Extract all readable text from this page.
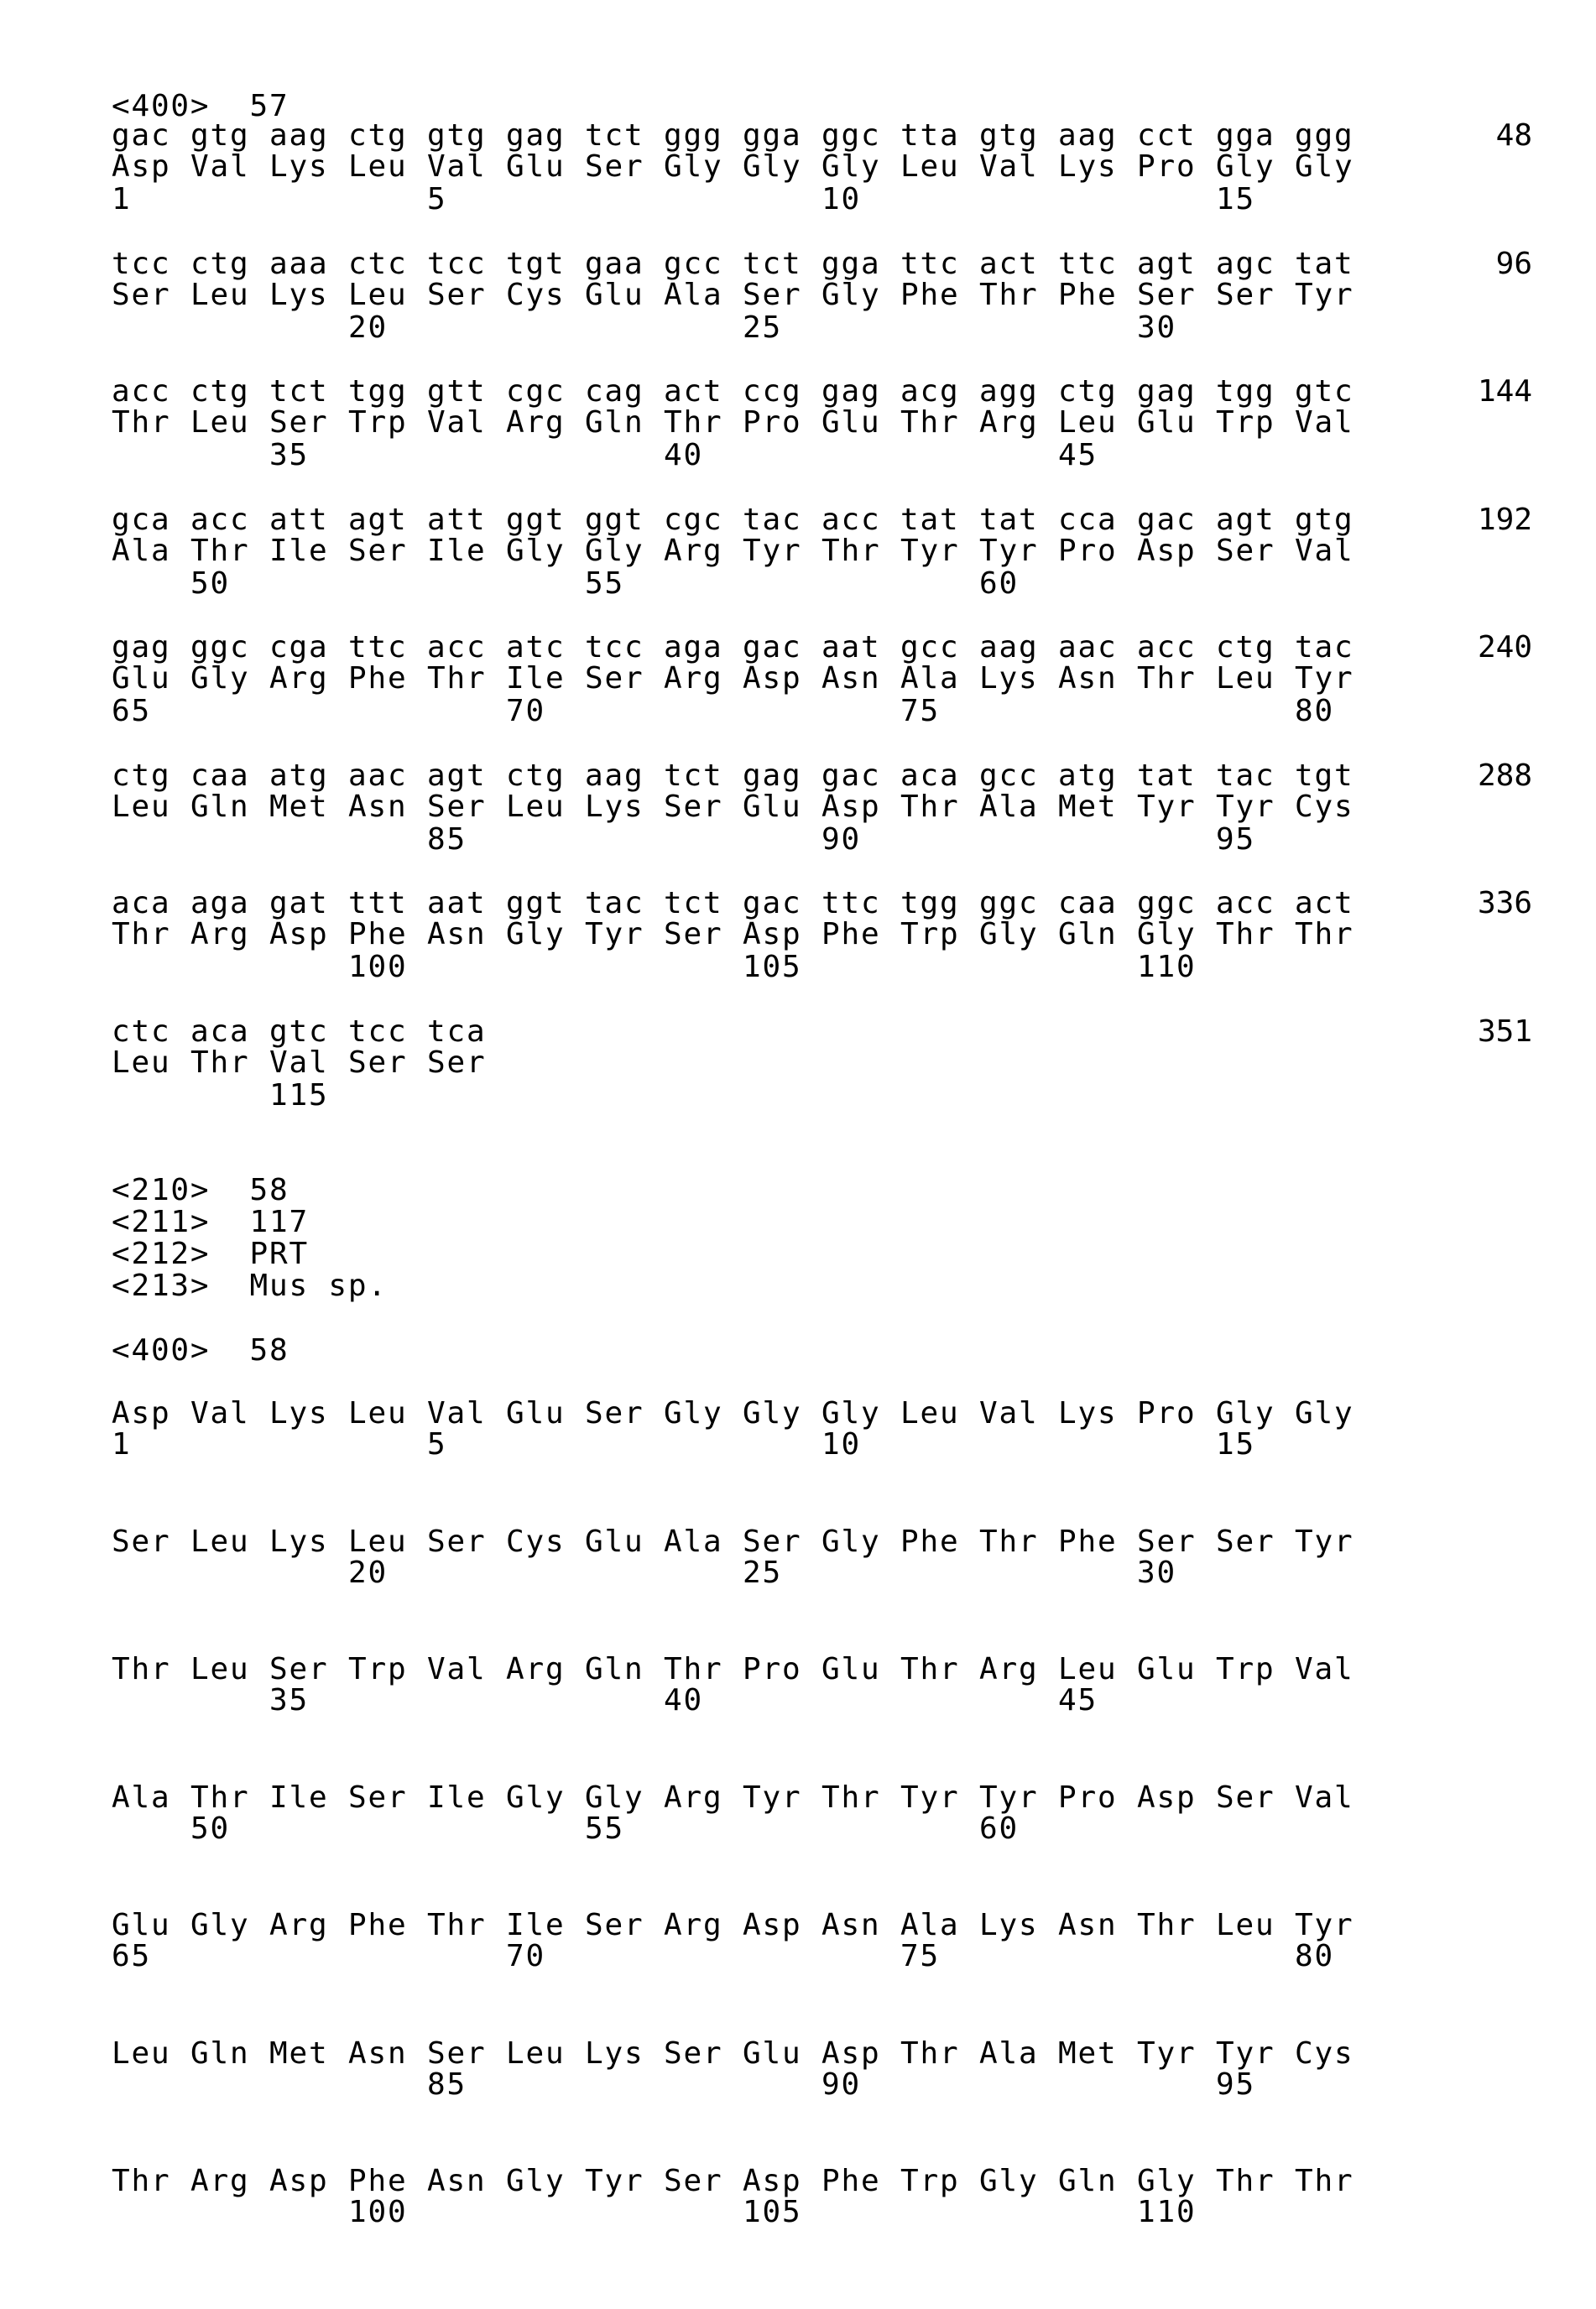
<400> 57
gac gtg aag ctg gtg gag tct ggg gga ggc tta gtg aag cct gga ggg	48
Asp Val Lys Leu Val Glu Ser Gly Gly Gly Leu Val Lys Pro Gly Gly
1	5	10	15
tcc ctg aaa ctc tcc tgt gaa gcc tct gga ttc act ttc agt agc tat	96
Ser Leu Lys Leu Ser Cys Glu Ala Ser Gly Phe Thr Phe Ser Ser Tyr
20	25	30
acc ctg tct tgg gtt cgc cag act ccg gag acg agg ctg gag tgg gtc	144
Thr Leu Ser Trp Val Arg Gln Thr Pro Glu Thr Arg Leu Glu Trp Val
35	40	45
gca acc att agt att ggt ggt cgc tac acc tat tat cca gac agt gtg	192
Ala Thr Ile Ser Ile Gly Gly Arg Tyr Thr Tyr Tyr Pro Asp Ser Val
50	55	60
gag ggc cga ttc acc atc tcc aga gac aat gcc aag aac acc ctg tac	240
Glu Gly Arg Phe Thr Ile Ser Arg Asp Asn Ala Lys Asn Thr Leu Tyr
65	70	75	80
ctg caa atg aac agt ctg aag tct gag gac aca gcc atg tat tac tgt	288
Leu Gln Met Asn Ser Leu Lys Ser Glu Asp Thr Ala Met Tyr Tyr Cys
85	90	95
aca aga gat ttt aat ggt tac tct gac ttc tgg ggc caa ggc acc act	336
Thr Arg Asp Phe Asn Gly Tyr Ser Asp Phe Trp Gly Gln Gly Thr Thr
100	105	110
ctc aca gtc tcc tca	351
Leu Thr Val Ser Ser
115
<210> 58
<211> 117
<212> PRT
<213> Mus sp.
<400> 58
Asp Val Lys Leu Val Glu Ser Gly Gly Gly Leu Val Lys Pro Gly Gly
1	5	10	15
Ser Leu Lys Leu Ser Cys Glu Ala Ser Gly Phe Thr Phe Ser Ser Tyr
20	25	30
Thr Leu Ser Trp Val Arg Gln Thr Pro Glu Thr Arg Leu Glu Trp Val
35	40	45
Ala Thr Ile Ser Ile Gly Gly Arg Tyr Thr Tyr Tyr Pro Asp Ser Val
50	55	60
Glu Gly Arg Phe Thr Ile Ser Arg Asp Asn Ala Lys Asn Thr Leu Tyr
65	70	75	80
Leu Gln Met Asn Ser Leu Lys Ser Glu Asp Thr Ala Met Tyr Tyr Cys
85	90	95
Thr Arg Asp Phe Asn Gly Tyr Ser Asp Phe Trp Gly Gln Gly Thr Thr
100	105	110
